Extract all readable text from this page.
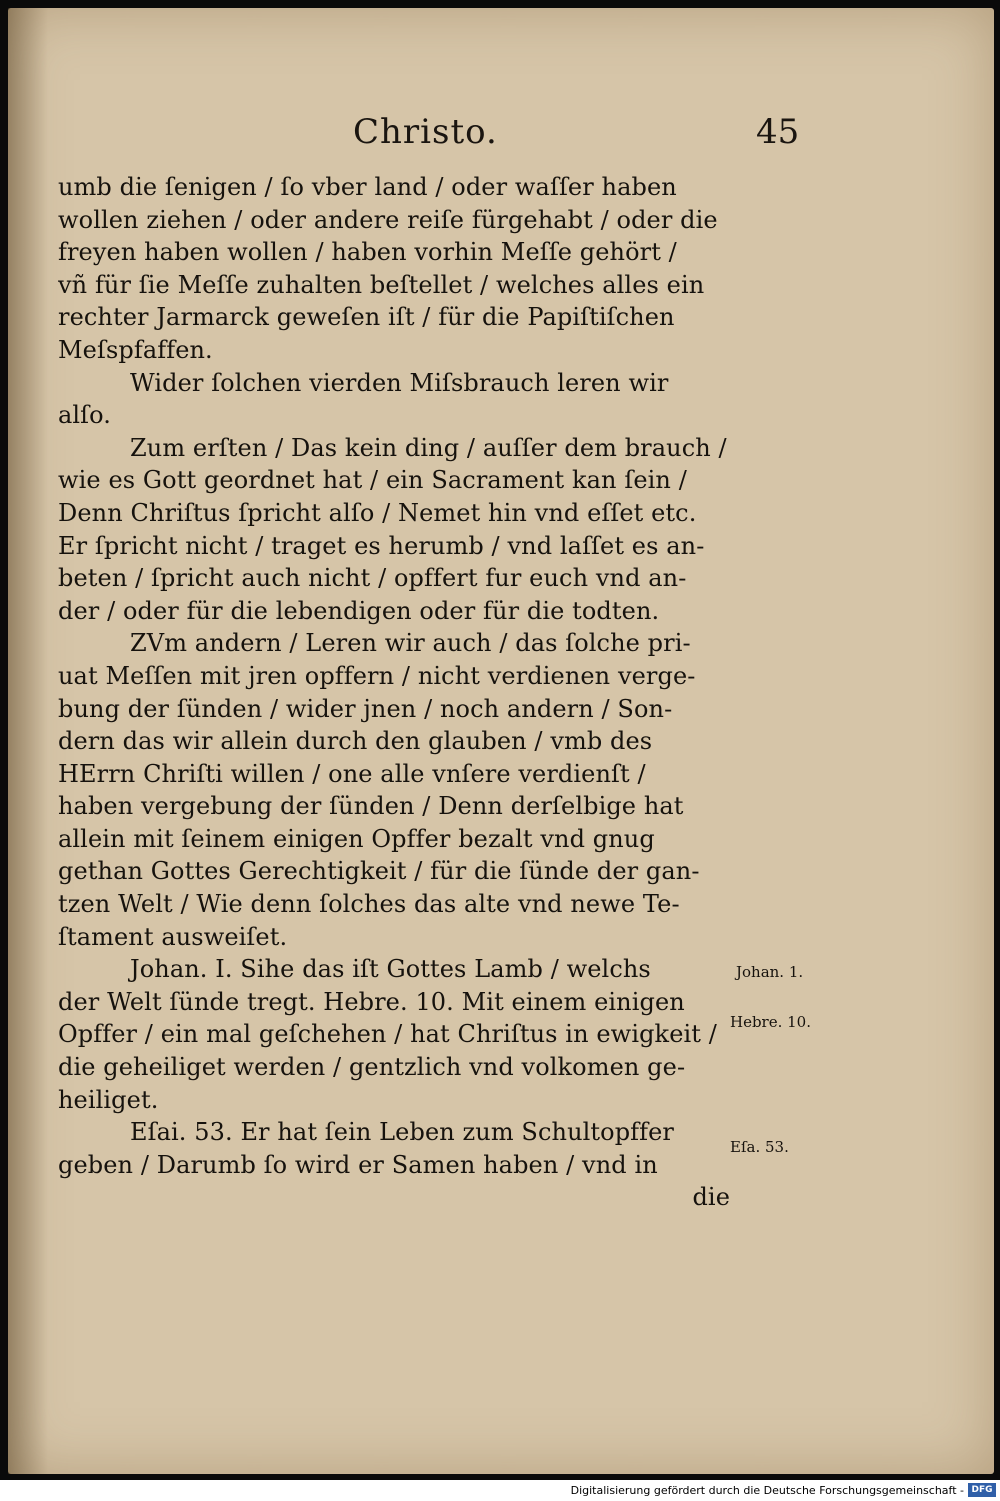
Christo.	45
umb die ſenigen / ſo vber land / oder waſſer haben
wollen ziehen / oder andere reiſe fürgehabt / oder die
freyen haben wollen / haben vorhin Meſſe gehört /
vñ für ſie Meſſe zuhalten beſtellet / welches alles ein
rechter Jarmarck geweſen iſt / für die Papiſtiſchen
Meſspfaffen.
Wider ſolchen vierden Miſsbrauch leren wir
alſo.
Zum erſten / Das kein ding / auſſer dem brauch /
wie es Gott geordnet hat / ein Sacrament kan ſein /
Denn Chriſtus ſpricht alſo / Nemet hin vnd eſſet etc.
Er ſpricht nicht / traget es herumb / vnd laſſet es an-
beten / ſpricht auch nicht / opffert fur euch vnd an-
der / oder für die lebendigen oder für die todten.
ZVm andern / Leren wir auch / das ſolche pri-
uat Meſſen mit jren opffern / nicht verdienen verge-
bung der ſünden / wider jnen / noch andern / Son-
dern das wir allein durch den glauben / vmb des
HErrn Chriſti willen / one alle vnſere verdienſt /
haben vergebung der ſünden / Denn derſelbige hat
allein mit ſeinem einigen Opffer bezalt vnd gnug
gethan Gottes Gerechtigkeit / für die ſünde der gan-
tzen Welt / Wie denn ſolches das alte vnd newe Te-
ſtament ausweiſet.
Johan. I. Sihe das iſt Gottes Lamb / welchs
der Welt ſünde tregt. Hebre. 10. Mit einem einigen
Opffer / ein mal geſchehen / hat Chriſtus in ewigkeit /
die geheiliget werden / gentzlich vnd volkomen ge-
heiliget.
Eſai. 53. Er hat ſein Leben zum Schultopffer
geben / Darumb ſo wird er Samen haben / vnd in
die
Johan. 1.
Hebre. 10.
Eſa. 53.
Digitalisierung gefördert durch die Deutsche Forschungsgemeinschaft - DFG
